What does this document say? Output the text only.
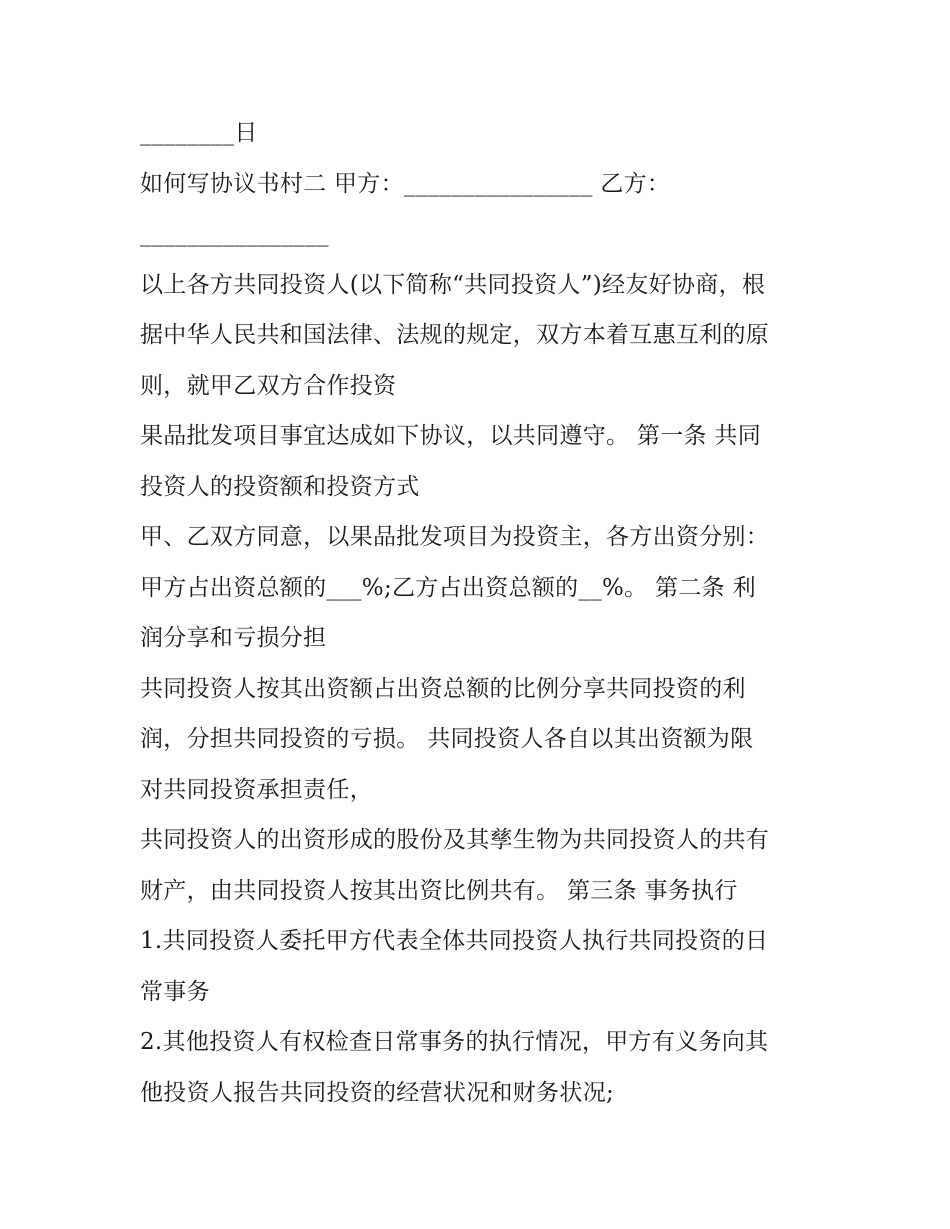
________日
如何写协议书村二 甲方：________________ 乙方：
________________
以上各方共同投资人(以下简称“共同投资人”)经友好协商，根
据中华人民共和国法律、法规的规定，双方本着互惠互利的原
则，就甲乙双方合作投资
果品批发项目事宜达成如下协议，以共同遵守。 第一条 共同
投资人的投资额和投资方式
甲、乙双方同意，以果品批发项目为投资主，各方出资分别：
甲方占出资总额的___%;乙方占出资总额的__%。 第二条 利
润分享和亏损分担
共同投资人按其出资额占出资总额的比例分享共同投资的利
润，分担共同投资的亏损。 共同投资人各自以其出资额为限
对共同投资承担责任，
共同投资人的出资形成的股份及其孳生物为共同投资人的共有
财产，由共同投资人按其出资比例共有。 第三条 事务执行
1.共同投资人委托甲方代表全体共同投资人执行共同投资的日
常事务
2.其他投资人有权检查日常事务的执行情况，甲方有义务向其
他投资人报告共同投资的经营状况和财务状况;
